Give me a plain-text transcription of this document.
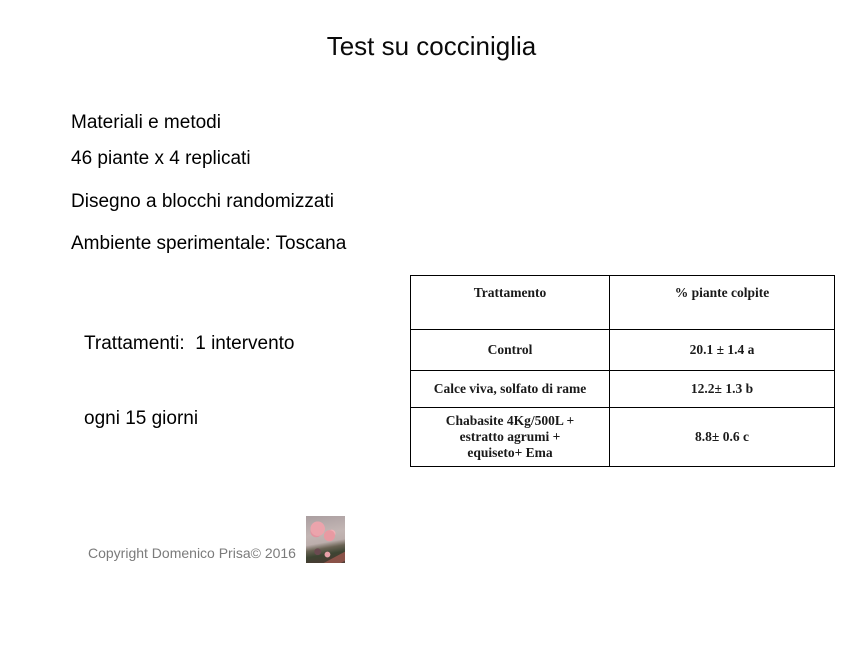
Test su cocciniglia
Materiali e metodi
46 piante x 4 replicati
Disegno a blocchi randomizzati
Ambiente sperimentale: Toscana

Trattamenti:  1 intervento

ogni 15 giorni

Trattamento	% piante colpite
Control	20.1 ± 1.4 a
Calce viva, solfato di rame	12.2± 1.3 b

Chabasite 4Kg/500L +
estratto agrumi +
equiseto+ Ema	8.8± 0.6 c
Copyright Domenico Prisa© 2016
